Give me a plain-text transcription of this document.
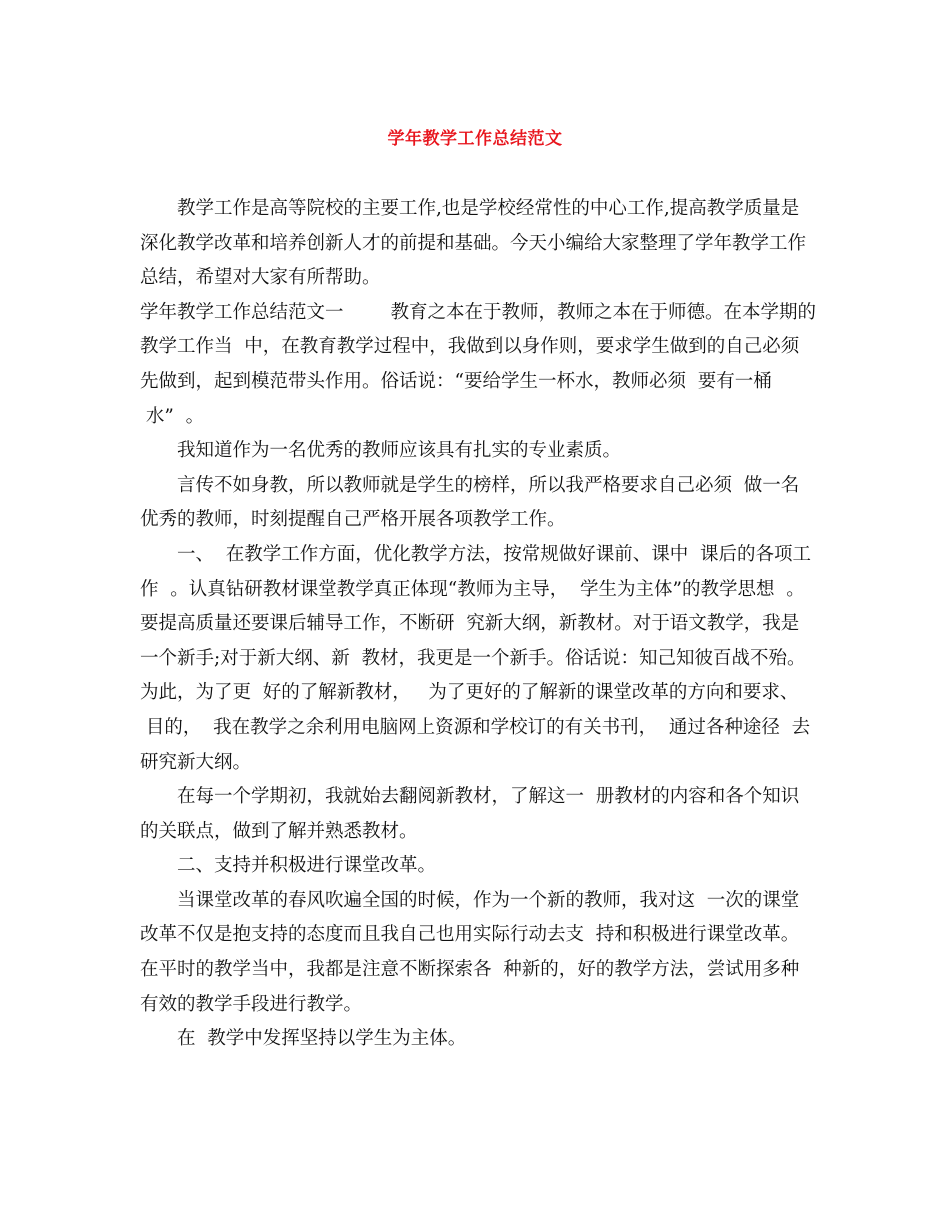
学年教学工作总结范文
教学工作是高等院校的主要工作,也是学校经常性的中心工作,提高教学质量是
深化教学改革和培养创新人才的前提和基础。今天小编给大家整理了学年教学工作
总结，希望对大家有所帮助。
学年教学工作总结范文一        教育之本在于教师，教师之本在于师德。在本学期的
教学工作当  中，在教育教学过程中，我做到以身作则，要求学生做到的自己必须
先做到，起到模范带头作用。俗话说：“要给学生一杯水，教师必须  要有一桶
水”  。
我知道作为一名优秀的教师应该具有扎实的专业素质。
言传不如身教，所以教师就是学生的榜样，所以我严格要求自己必须  做一名
优秀的教师，时刻提醒自己严格开展各项教学工作。
一、  在教学工作方面，优化教学方法，按常规做好课前、课中  课后的各项工
作  。认真钻研教材课堂教学真正体现“教师为主导，  学生为主体”的教学思想  。
要提高质量还要课后辅导工作，不断研  究新大纲，新教材。对于语文教学，我是
一个新手;对于新大纲、新  教材，我更是一个新手。俗话说：知己知彼百战不殆。
为此，为了更  好的了解新教材，   为了更好的了解新的课堂改革的方向和要求、
目的，  我在教学之余利用电脑网上资源和学校订的有关书刊，  通过各种途径  去
研究新大纲。
在每一个学期初，我就始去翻阅新教材，了解这一  册教材的内容和各个知识
的关联点，做到了解并熟悉教材。
二、支持并积极进行课堂改革。
当课堂改革的春风吹遍全国的时候，作为一个新的教师，我对这  一次的课堂
改革不仅是抱支持的态度而且我自己也用实际行动去支  持和积极进行课堂改革。
在平时的教学当中，我都是注意不断探索各  种新的，好的教学方法，尝试用多种
有效的教学手段进行教学。
在  教学中发挥坚持以学生为主体。
